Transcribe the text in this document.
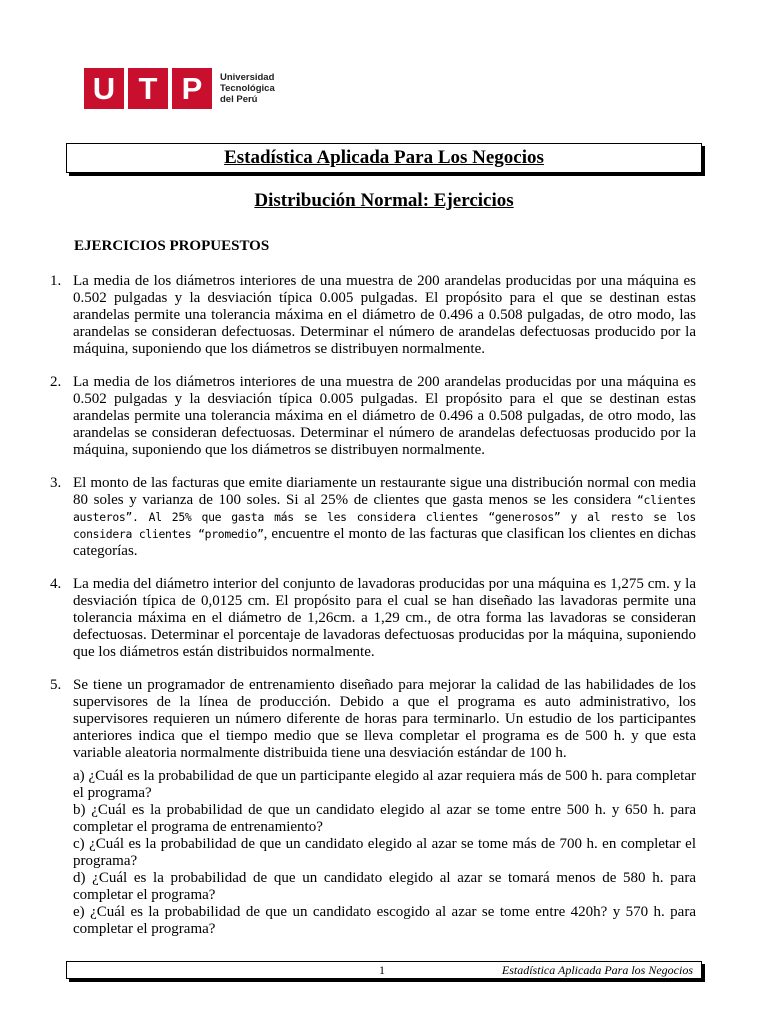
U T P	Universidad
Tecnológica
del Perú
Estadística Aplicada Para Los Negocios
Distribución Normal: Ejercicios
EJERCICIOS PROPUESTOS
1. La media de los diámetros interiores de una muestra de 200 arandelas producidas por una máquina es 0.502 pulgadas y la desviación típica 0.005 pulgadas. El propósito para el que se destinan estas arandelas permite una tolerancia máxima en el diámetro de 0.496 a 0.508 pulgadas, de otro modo, las arandelas se consideran defectuosas. Determinar el número de arandelas defectuosas producido por la máquina, suponiendo que los diámetros se distribuyen normalmente.
2. La media de los diámetros interiores de una muestra de 200 arandelas producidas por una máquina es 0.502 pulgadas y la desviación típica 0.005 pulgadas. El propósito para el que se destinan estas arandelas permite una tolerancia máxima en el diámetro de 0.496 a 0.508 pulgadas, de otro modo, las arandelas se consideran defectuosas. Determinar el número de arandelas defectuosas producido por la máquina, suponiendo que los diámetros se distribuyen normalmente.
3. El monto de las facturas que emite diariamente un restaurante sigue una distribución normal con media 80 soles y varianza de 100 soles. Si al 25% de clientes que gasta menos se les considera “clientes austeros”. Al 25% que gasta más se les considera clientes “generosos” y al resto se los considera clientes “promedio”, encuentre el monto de las facturas que clasifican los clientes en dichas categorías.
4. La media del diámetro interior del conjunto de lavadoras producidas por una máquina es 1,275 cm. y la desviación típica de 0,0125 cm. El propósito para el cual se han diseñado las lavadoras permite una tolerancia máxima en el diámetro de 1,26cm. a 1,29 cm., de otra forma las lavadoras se consideran defectuosas. Determinar el porcentaje de lavadoras defectuosas producidas por la máquina, suponiendo que los diámetros están distribuidos normalmente.
5. Se tiene un programador de entrenamiento diseñado para mejorar la calidad de las habilidades de los supervisores de la línea de producción. Debido a que el programa es auto administrativo, los supervisores requieren un número diferente de horas para terminarlo. Un estudio de los participantes anteriores indica que el tiempo medio que se lleva completar el programa es de 500 h. y que esta variable aleatoria normalmente distribuida tiene una desviación estándar de 100 h.
a) ¿Cuál es la probabilidad de que un participante elegido al azar requiera más de 500 h. para completar el programa?
b) ¿Cuál es la probabilidad de que un candidato elegido al azar se tome entre 500 h. y 650 h. para completar el programa de entrenamiento?
c) ¿Cuál es la probabilidad de que un candidato elegido al azar se tome más de 700 h. en completar el programa?
d) ¿Cuál es la probabilidad de que un candidato elegido al azar se tomará menos de 580 h. para completar el programa?
e) ¿Cuál es la probabilidad de que un candidato escogido al azar se tome entre 420h? y 570 h. para completar el programa?
1	Estadística Aplicada Para los Negocios
